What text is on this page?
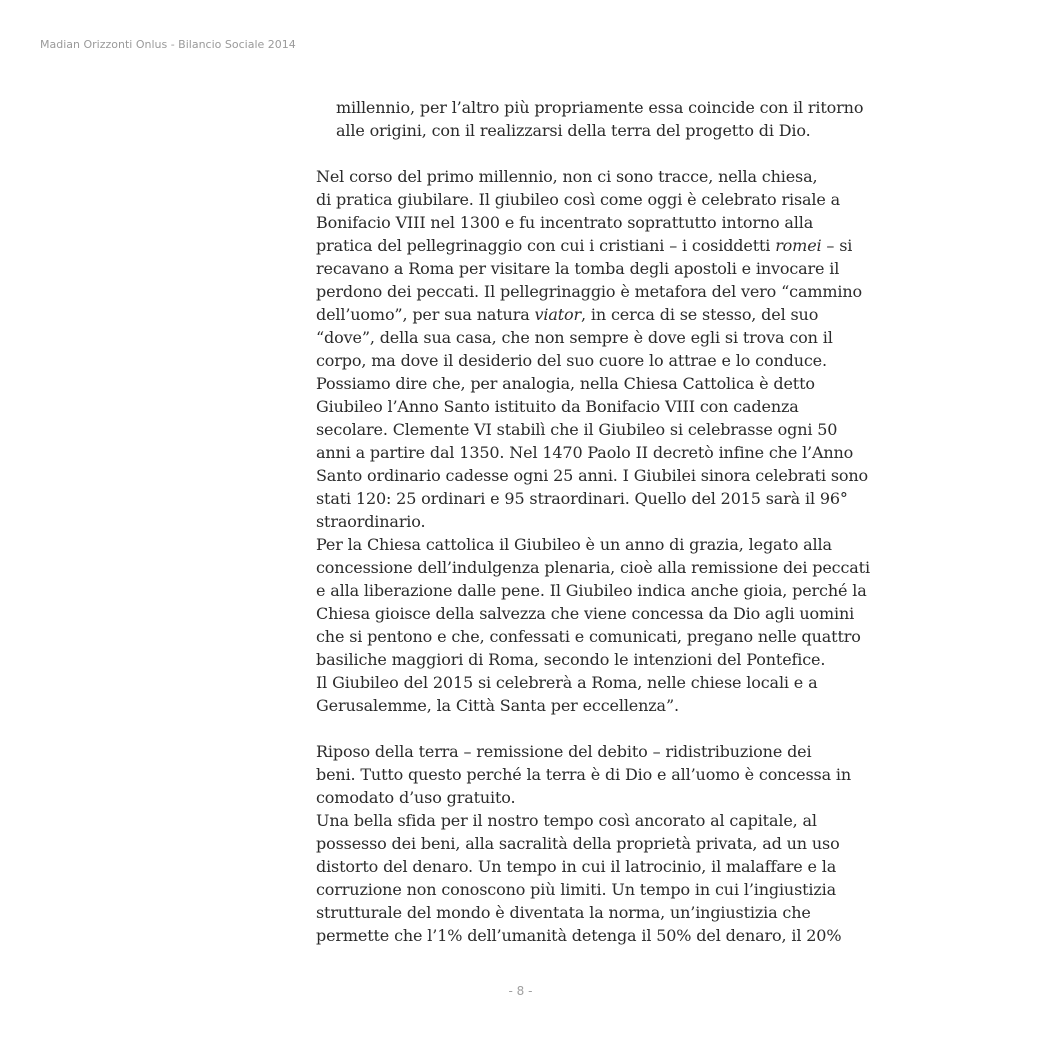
Madian Orizzonti Onlus - Bilancio Sociale 2014
millennio, per l’altro più propriamente essa coincide con il ritorno
alle origini, con il realizzarsi della terra del progetto di Dio.
Nel corso del primo millennio, non ci sono tracce, nella chiesa,
di pratica giubilare. Il giubileo così come oggi è celebrato risale a
Bonifacio VIII nel 1300 e fu incentrato soprattutto intorno alla
pratica del pellegrinaggio con cui i cristiani – i cosiddetti romei – si
recavano a Roma per visitare la tomba degli apostoli e invocare il
perdono dei peccati. Il pellegrinaggio è metafora del vero “cammino
dell’uomo”, per sua natura viator, in cerca di se stesso, del suo
“dove”, della sua casa, che non sempre è dove egli si trova con il
corpo, ma dove il desiderio del suo cuore lo attrae e lo conduce.
Possiamo dire che, per analogia, nella Chiesa Cattolica è detto
Giubileo l’Anno Santo istituito da Bonifacio VIII con cadenza
secolare. Clemente VI stabilì che il Giubileo si celebrasse ogni 50
anni a partire dal 1350. Nel 1470 Paolo II decretò infine che l’Anno
Santo ordinario cadesse ogni 25 anni. I Giubilei sinora celebrati sono
stati 120: 25 ordinari e 95 straordinari. Quello del 2015 sarà il 96°
straordinario.
Per la Chiesa cattolica il Giubileo è un anno di grazia, legato alla
concessione dell’indulgenza plenaria, cioè alla remissione dei peccati
e alla liberazione dalle pene. Il Giubileo indica anche gioia, perché la
Chiesa gioisce della salvezza che viene concessa da Dio agli uomini
che si pentono e che, confessati e comunicati, pregano nelle quattro
basiliche maggiori di Roma, secondo le intenzioni del Pontefice.
Il Giubileo del 2015 si celebrerà a Roma, nelle chiese locali e a
Gerusalemme, la Città Santa per eccellenza”.
Riposo della terra – remissione del debito – ridistribuzione dei
beni. Tutto questo perché la terra è di Dio e all’uomo è concessa in
comodato d’uso gratuito.
Una bella sfida per il nostro tempo così ancorato al capitale, al
possesso dei beni, alla sacralità della proprietà privata, ad un uso
distorto del denaro. Un tempo in cui il latrocinio, il malaffare e la
corruzione non conoscono più limiti. Un tempo in cui l’ingiustizia
strutturale del mondo è diventata la norma, un’ingiustizia che
permette che l’1% dell’umanità detenga il 50% del denaro, il 20%
- 8 -
